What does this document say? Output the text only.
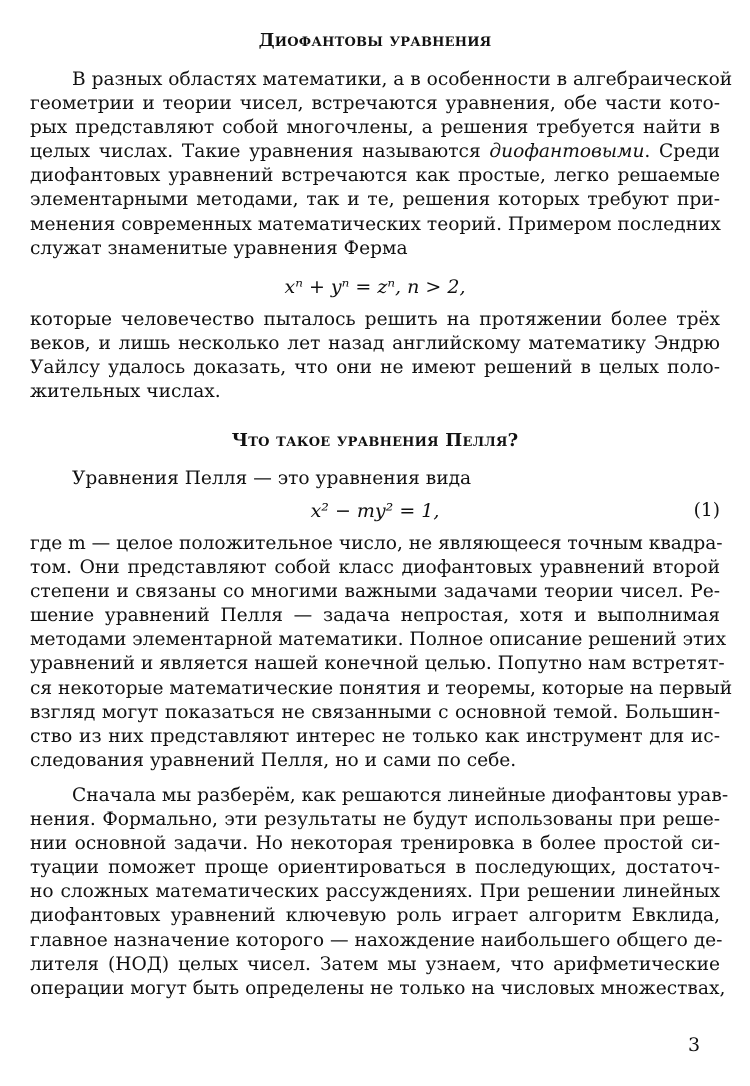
Диофантовы уравнения
В разных областях математики, а в особенности в алгебраической
геометрии и теории чисел, встречаются уравнения, обе части кото-
рых представляют собой многочлены, а решения требуется найти в
целых числах. Такие уравнения называются диофантовыми. Среди
диофантовых уравнений встречаются как простые, легко решаемые
элементарными методами, так и те, решения которых требуют при-
менения современных математических теорий. Примером последних
служат знаменитые уравнения Ферма
xⁿ + yⁿ = zⁿ, n > 2,
которые человечество пыталось решить на протяжении более трёх
веков, и лишь несколько лет назад английскому математику Эндрю
Уайлсу удалось доказать, что они не имеют решений в целых поло-
жительных числах.
Что такое уравнения Пелля?
Уравнения Пелля — это уравнения вида
x² − my² = 1,	(1)
где m — целое положительное число, не являющееся точным квадра-
том. Они представляют собой класс диофантовых уравнений второй
степени и связаны со многими важными задачами теории чисел. Ре-
шение уравнений Пелля — задача непростая, хотя и выполнимая
методами элементарной математики. Полное описание решений этих
уравнений и является нашей конечной целью. Попутно нам встретят-
ся некоторые математические понятия и теоремы, которые на первый
взгляд могут показаться не связанными с основной темой. Большин-
ство из них представляют интерес не только как инструмент для ис-
следования уравнений Пелля, но и сами по себе.
Сначала мы разберём, как решаются линейные диофантовы урав-
нения. Формально, эти результаты не будут использованы при реше-
нии основной задачи. Но некоторая тренировка в более простой си-
туации поможет проще ориентироваться в последующих, достаточ-
но сложных математических рассуждениях. При решении линейных
диофантовых уравнений ключевую роль играет алгоритм Евклида,
главное назначение которого — нахождение наибольшего общего де-
лителя (НОД) целых чисел. Затем мы узнаем, что арифметические
операции могут быть определены не только на числовых множествах,
3
